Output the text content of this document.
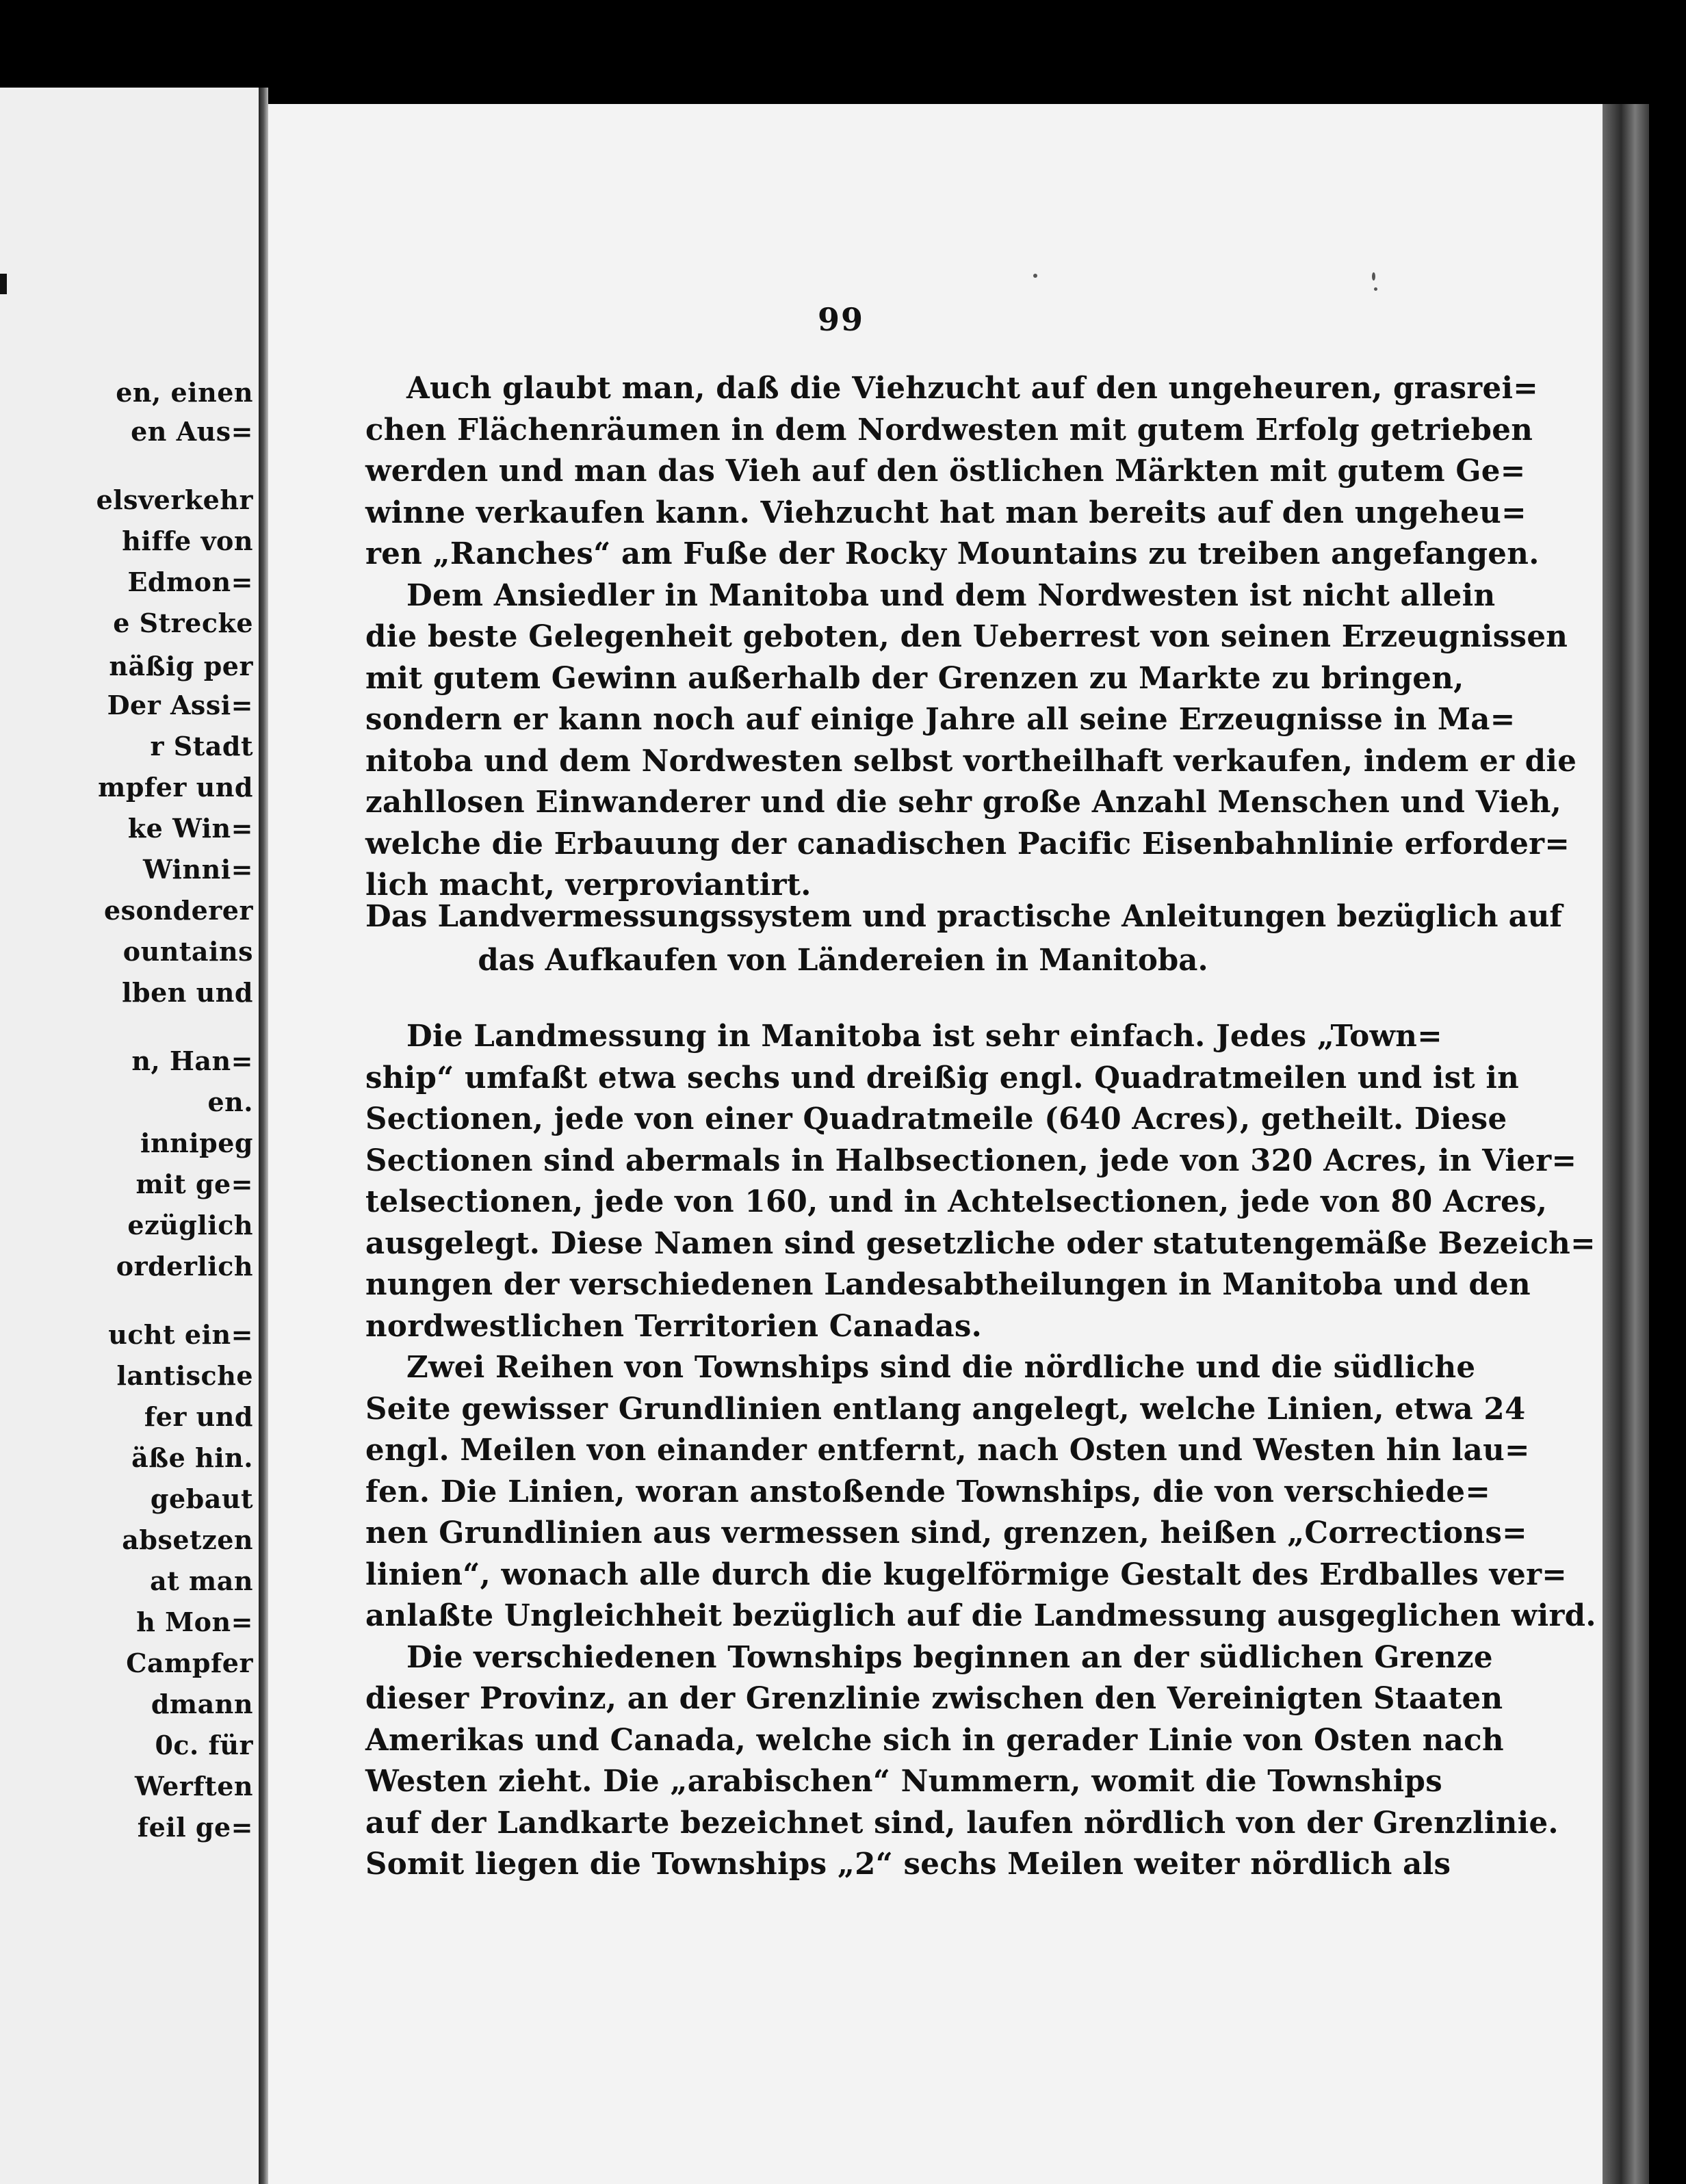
en, einen
en Aus=
elsverkehr
hiffe von
Edmon=
e Strecke
näßig per
Der Assi=
r Stadt
mpfer und
ke Win=
Winni=
esonderer
ountains
lben und
n, Han=
en.
innipeg
mit ge=
ezüglich
orderlich
ucht ein=
lantische
fer und
äße hin.
gebaut
absetzen
at man
h Mon=
Campfer
dmann
0c. für
Werften
feil ge=
99
Auch glaubt man, daß die Viehzucht auf den ungeheuren, grasrei=
chen Flächenräumen in dem Nordwesten mit gutem Erfolg getrieben
werden und man das Vieh auf den östlichen Märkten mit gutem Ge=
winne verkaufen kann. Viehzucht hat man bereits auf den ungeheu=
ren „Ranches“ am Fuße der Rocky Mountains zu treiben angefangen.
Dem Ansiedler in Manitoba und dem Nordwesten ist nicht allein
die beste Gelegenheit geboten, den Ueberrest von seinen Erzeugnissen
mit gutem Gewinn außerhalb der Grenzen zu Markte zu bringen,
sondern er kann noch auf einige Jahre all seine Erzeugnisse in Ma=
nitoba und dem Nordwesten selbst vortheilhaft verkaufen, indem er die
zahllosen Einwanderer und die sehr große Anzahl Menschen und Vieh,
welche die Erbauung der canadischen Pacific Eisenbahnlinie erforder=
lich macht, verproviantirt.
Das Landvermessungssystem und practische Anleitungen bezüglich auf
das Aufkaufen von Ländereien in Manitoba.
Die Landmessung in Manitoba ist sehr einfach. Jedes „Town=
ship“ umfaßt etwa sechs und dreißig engl. Quadratmeilen und ist in
Sectionen, jede von einer Quadratmeile (640 Acres), getheilt. Diese
Sectionen sind abermals in Halbsectionen, jede von 320 Acres, in Vier=
telsectionen, jede von 160, und in Achtelsectionen, jede von 80 Acres,
ausgelegt. Diese Namen sind gesetzliche oder statutengemäße Bezeich=
nungen der verschiedenen Landesabtheilungen in Manitoba und den
nordwestlichen Territorien Canadas.
Zwei Reihen von Townships sind die nördliche und die südliche
Seite gewisser Grundlinien entlang angelegt, welche Linien, etwa 24
engl. Meilen von einander entfernt, nach Osten und Westen hin lau=
fen. Die Linien, woran anstoßende Townships, die von verschiede=
nen Grundlinien aus vermessen sind, grenzen, heißen „Corrections=
linien“, wonach alle durch die kugelförmige Gestalt des Erdballes ver=
anlaßte Ungleichheit bezüglich auf die Landmessung ausgeglichen wird.
Die verschiedenen Townships beginnen an der südlichen Grenze
dieser Provinz, an der Grenzlinie zwischen den Vereinigten Staaten
Amerikas und Canada, welche sich in gerader Linie von Osten nach
Westen zieht. Die „arabischen“ Nummern, womit die Townships
auf der Landkarte bezeichnet sind, laufen nördlich von der Grenzlinie.
Somit liegen die Townships „2“ sechs Meilen weiter nördlich als
